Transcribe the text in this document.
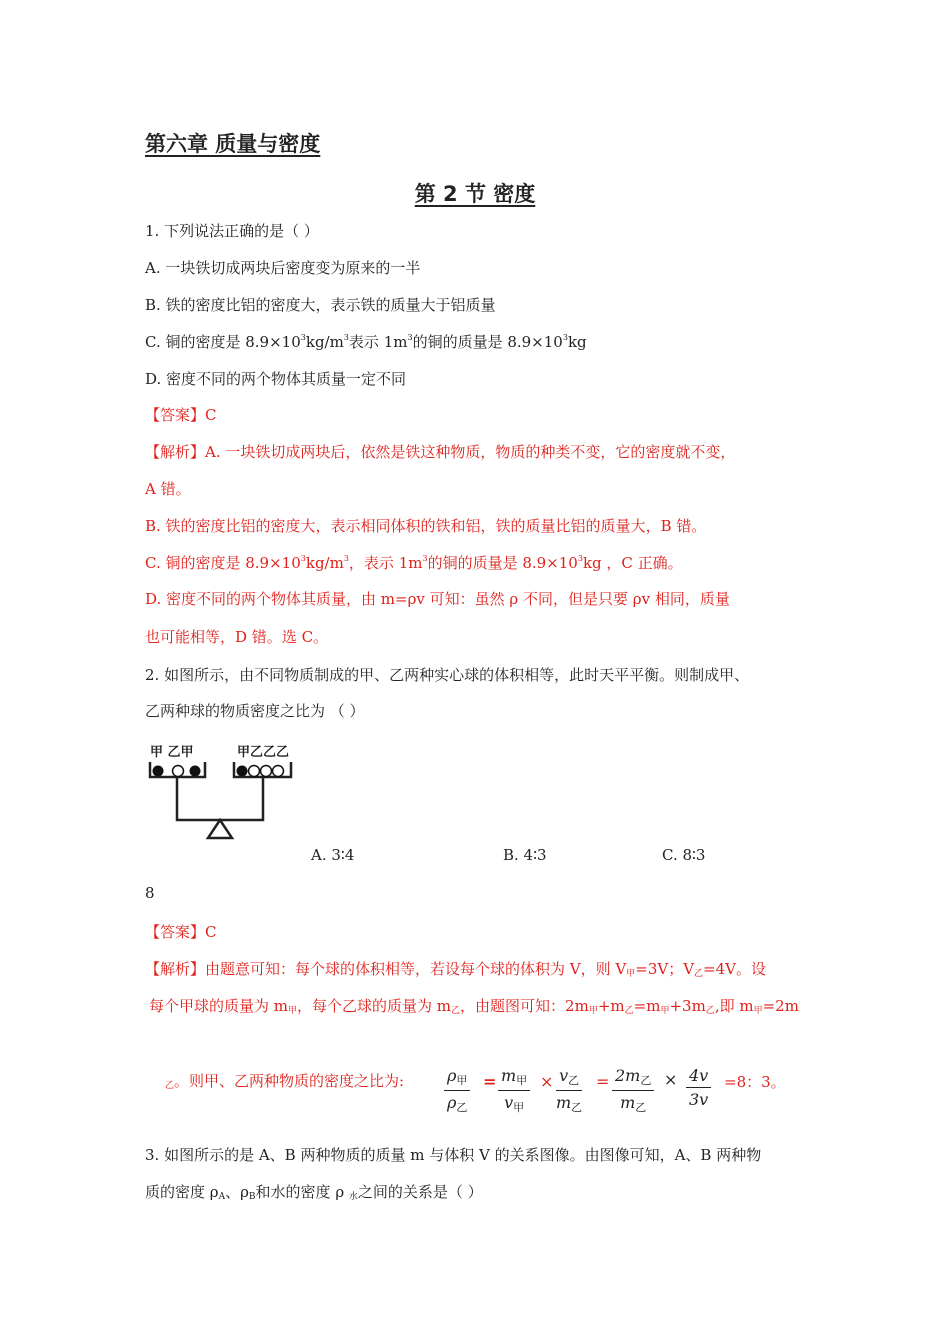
第六章 质量与密度
第 2 节 密度
1. 下列说法正确的是（ ）
A. 一块铁切成两块后密度变为原来的一半
B. 铁的密度比铝的密度大，表示铁的质量大于铝质量
C. 铜的密度是 $8.9\times 10^3kg/m^3$表示 $1m^3$的铜的质量是 $8.9\times 10^3kg$
D. 密度不同的两个物体其质量一定不同
【答案】C
【解析】A. 一块铁切成两块后，依然是铁这种物质，物质的种类不变，它的密度就不变，
A 错。
B. 铁的密度比铝的密度大，表示相同体积的铁和铝，铁的质量比铝的质量大，B 错。
C. 铜的密度是 $8.9\times 10^3kg/m^3$，表示 $1m^3$的铜的质量是 $8.9\times 10^3kg$ ，C 正确。
D. 密度不同的两个物体其质量，由 m=ρv 可知：虽然 ρ 不同，但是只要 ρv 相同，质量
也可能相等，D 错。选 C。
2. 如图所示，由不同物质制成的甲、乙两种实心球的体积相等，此时天平平衡。则制成甲、
乙两种球的物质密度之比为 （ ）
甲 乙甲	甲乙乙乙
A. 3∶4	B. 4∶3	C. 8∶3
8
【答案】C
【解析】由题意可知：每个球的体积相等，若设每个球的体积为 V，则 $V_甲=3V$；$V_乙=4V$。设
每个甲球的质量为 $m_甲$，每个乙球的质量为 $m_乙$，由题图可知：$2m_甲+m_乙=m_甲+3m_乙$,即 $m_甲=2m$
$_乙$。则甲、乙两种物质的密度之比为:	$\rho_甲$
$\rho_乙$
= $m_甲$
$v_甲$
× $v_乙$
$m_乙$
= $2m_乙$
$m_乙$
× $\frac{4v}{3v} =8$：3。
3. 如图所示的是 A、B 两种物质的质量 m 与体积 V 的关系图像。由图像可知，A、B 两种物
质的密度 $\rho_A$、$\rho_B$和水的密度 ρ $_水$之间的关系是（ ）
